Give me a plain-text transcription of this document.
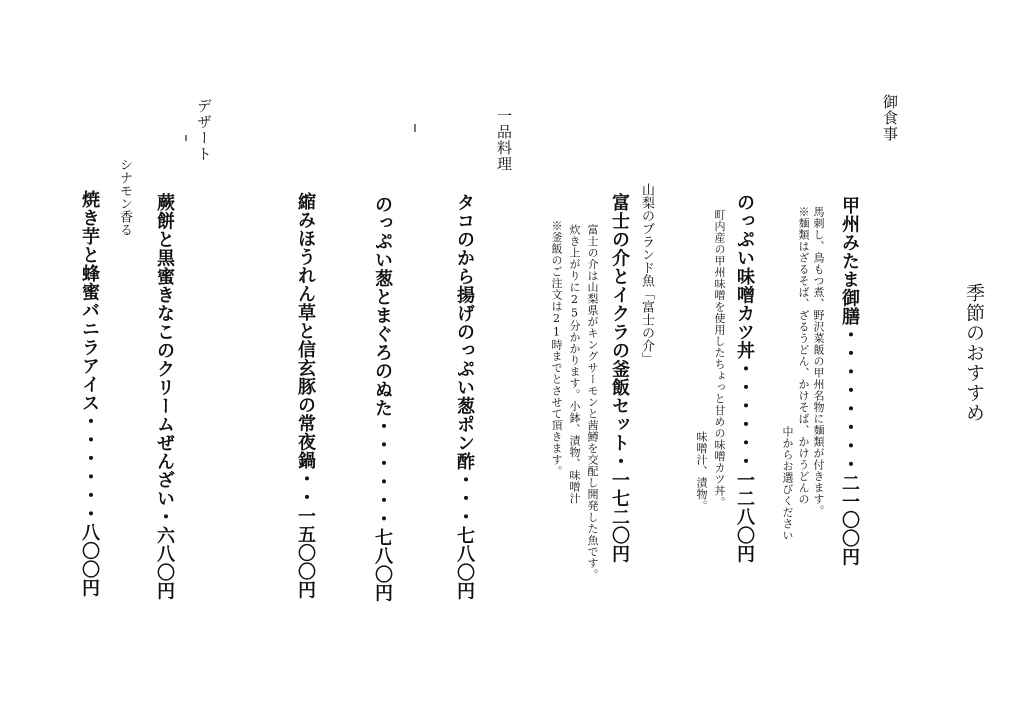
季節のおすすめ
御食事
甲州みたま御膳・・・・・・・・二一〇〇円
馬刺し、鳥もつ煮、野沢菜飯の甲州名物に麺類が付きます。
※麺類はざるそば、ざるうどん、かけそば、かけうどんの
中からお選びください
のっぷい味噌カツ丼・・・・・・一二八〇円
町内産の甲州味噌を使用したちょっと甘めの味噌カツ丼。
味噌汁、漬物。
山梨のブランド魚「富士の介」
富士の介とイクラの釜飯セット・一七二〇円
富士の介は山梨県がキングサーモンと茜鱒を交配し開発した魚です。
炊き上がりに25分かかります。小鉢、漬物、味噌汁
※釜飯のご注文は21時までとさせて頂きます。
一品料理
タコのから揚げのっぷい葱ポン酢・・・七八〇円
のっぷい葱とまぐろのぬた・・・・・・七八〇円
縮みほうれん草と信玄豚の常夜鍋・・一五〇〇円
デザート
蕨餅と黒蜜きなこのクリームぜんざい・六八〇円
シナモン香る
焼き芋と蜂蜜バニラアイス・・・・・・八〇〇円
